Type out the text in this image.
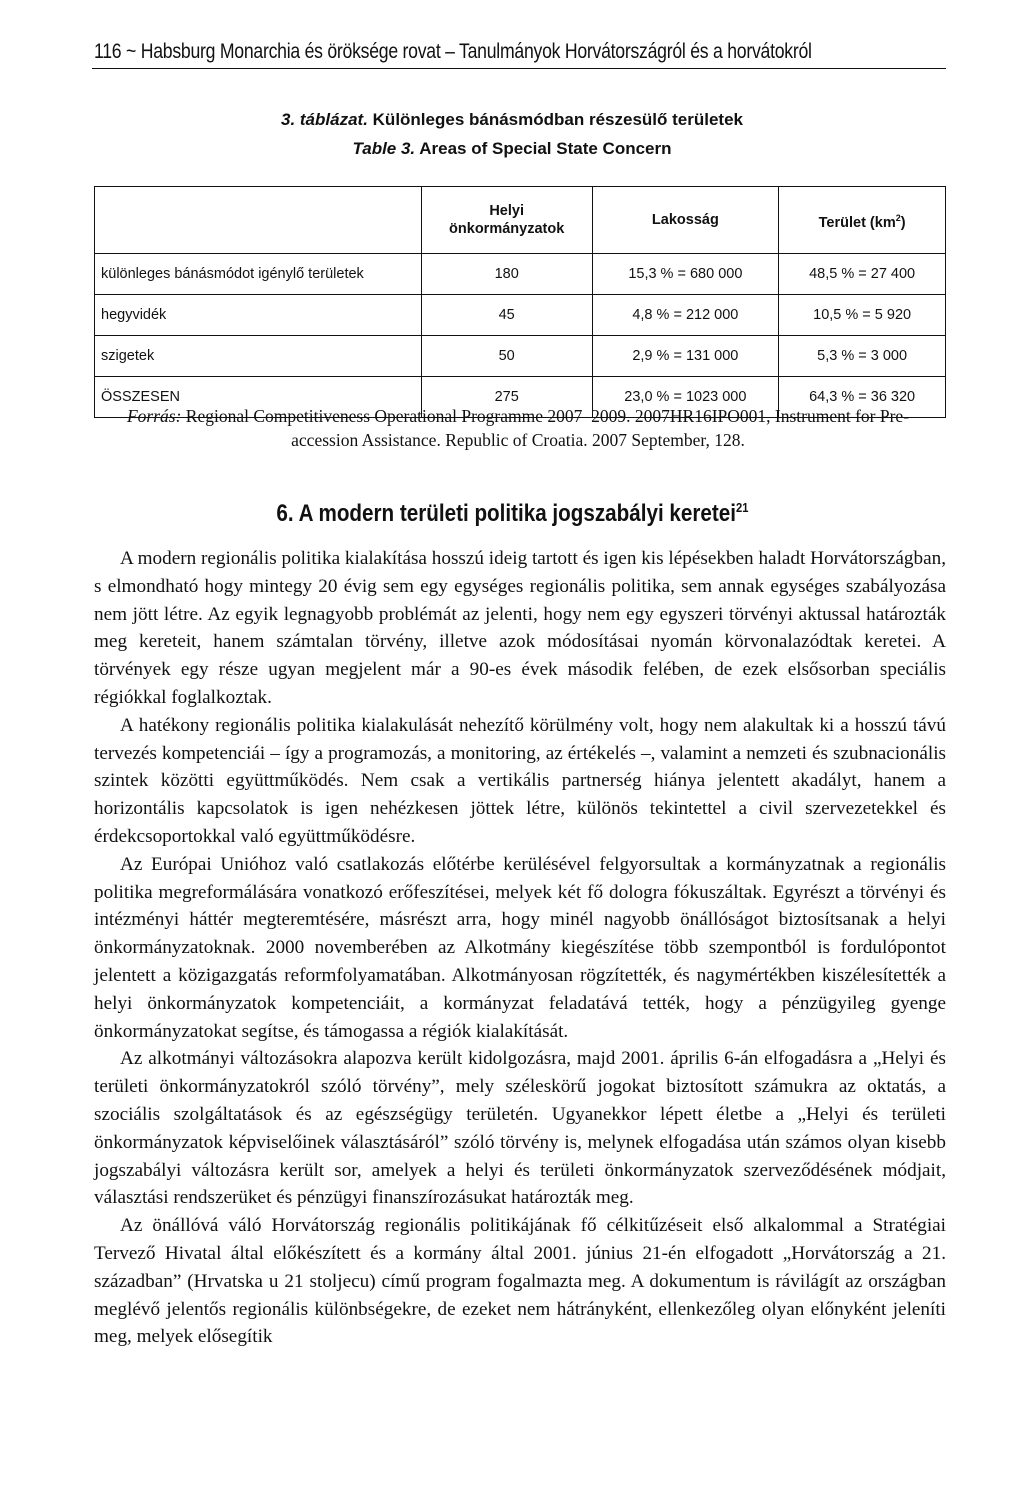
116 ~ Habsburg Monarchia és öröksége rovat – Tanulmányok Horvátországról és a horvátokról
3. táblázat. Különleges bánásmódban részesülő területek
Table 3. Areas of Special State Concern
	Helyi önkormányzatok	Lakosság	Terület $(km^2)$
különleges bánásmódot igénylő területek	180	15,3 % = 680 000	48,5 % = 27 400
hegyvidék	45	4,8 % = 212 000	10,5 % = 5 920
szigetek	50	2,9 % = 131 000	5,3 % = 3 000
ÖSSZESEN	275	23,0 % = 1023 000	64,3 % = 36 320
Forrás: Regional Competitiveness Operational Programme 2007–2009. 2007HR16IPO001, Instrument for Pre-accession Assistance. Republic of Croatia. 2007 September, 128.
6. A modern területi politika jogszabályi keretei$^{21}$

A modern regionális politika kialakítása hosszú ideig tartott és igen kis lépésekben haladt Horvátországban, s elmondható hogy mintegy 20 évig sem egy egységes regionális politika, sem annak egységes szabályozása nem jött létre. Az egyik legnagyobb problémát az jelenti, hogy nem egy egyszeri törvényi aktussal határozták meg kereteit, hanem számtalan törvény, illetve azok módosításai nyomán körvonalazódtak keretei. A törvények egy része ugyan megjelent már a 90-es évek második felében, de ezek elsősorban speciális régiókkal foglalkoztak.

A hatékony regionális politika kialakulását nehezítő körülmény volt, hogy nem alakultak ki a hosszú távú tervezés kompetenciái – így a programozás, a monitoring, az értékelés –, valamint a nemzeti és szubnacionális szintek közötti együttműködés. Nem csak a vertikális partnerség hiánya jelentett akadályt, hanem a horizontális kapcsolatok is igen nehézkesen jöttek létre, különös tekintettel a civil szervezetekkel és érdekcsoportokkal való együttműködésre.

Az Európai Unióhoz való csatlakozás előtérbe kerülésével felgyorsultak a kormányzatnak a regionális politika megreformálására vonatkozó erőfeszítései, melyek két fő dologra fókuszáltak. Egyrészt a törvényi és intézményi háttér megteremtésére, másrészt arra, hogy minél nagyobb önállóságot biztosítsanak a helyi önkormányzatoknak. 2000 novemberében az Alkotmány kiegészítése több szempontból is fordulópontot jelentett a közigazgatás reformfolyamatában. Alkotmányosan rögzítették, és nagymértékben kiszélesítették a helyi önkormányzatok kompetenciáit, a kormányzat feladatává tették, hogy a pénzügyileg gyenge önkormányzatokat segítse, és támogassa a régiók kialakítását.

Az alkotmányi változásokra alapozva került kidolgozásra, majd 2001. április 6-án elfogadásra a „Helyi és területi önkormányzatokról szóló törvény”, mely széleskörű jogokat biztosított számukra az oktatás, a szociális szolgáltatások és az egészségügy területén. Ugyanekkor lépett életbe a „Helyi és területi önkormányzatok képviselőinek választásáról” szóló törvény is, melynek elfogadása után számos olyan kisebb jogszabályi változásra került sor, amelyek a helyi és területi önkormányzatok szerveződésének módjait, választási rendszerüket és pénzügyi finanszírozásukat határozták meg.

Az önállóvá váló Horvátország regionális politikájának fő célkitűzéseit első alkalommal a Stratégiai Tervező Hivatal által előkészített és a kormány által 2001. június 21-én elfogadott „Horvátország a 21. században” (Hrvatska u 21 stoljecu) című program fogalmazta meg. A dokumentum is rávilágít az országban meglévő jelentős regionális különbségekre, de ezeket nem hátrányként, ellenkezőleg olyan előnyként jeleníti meg, melyek elősegítik
